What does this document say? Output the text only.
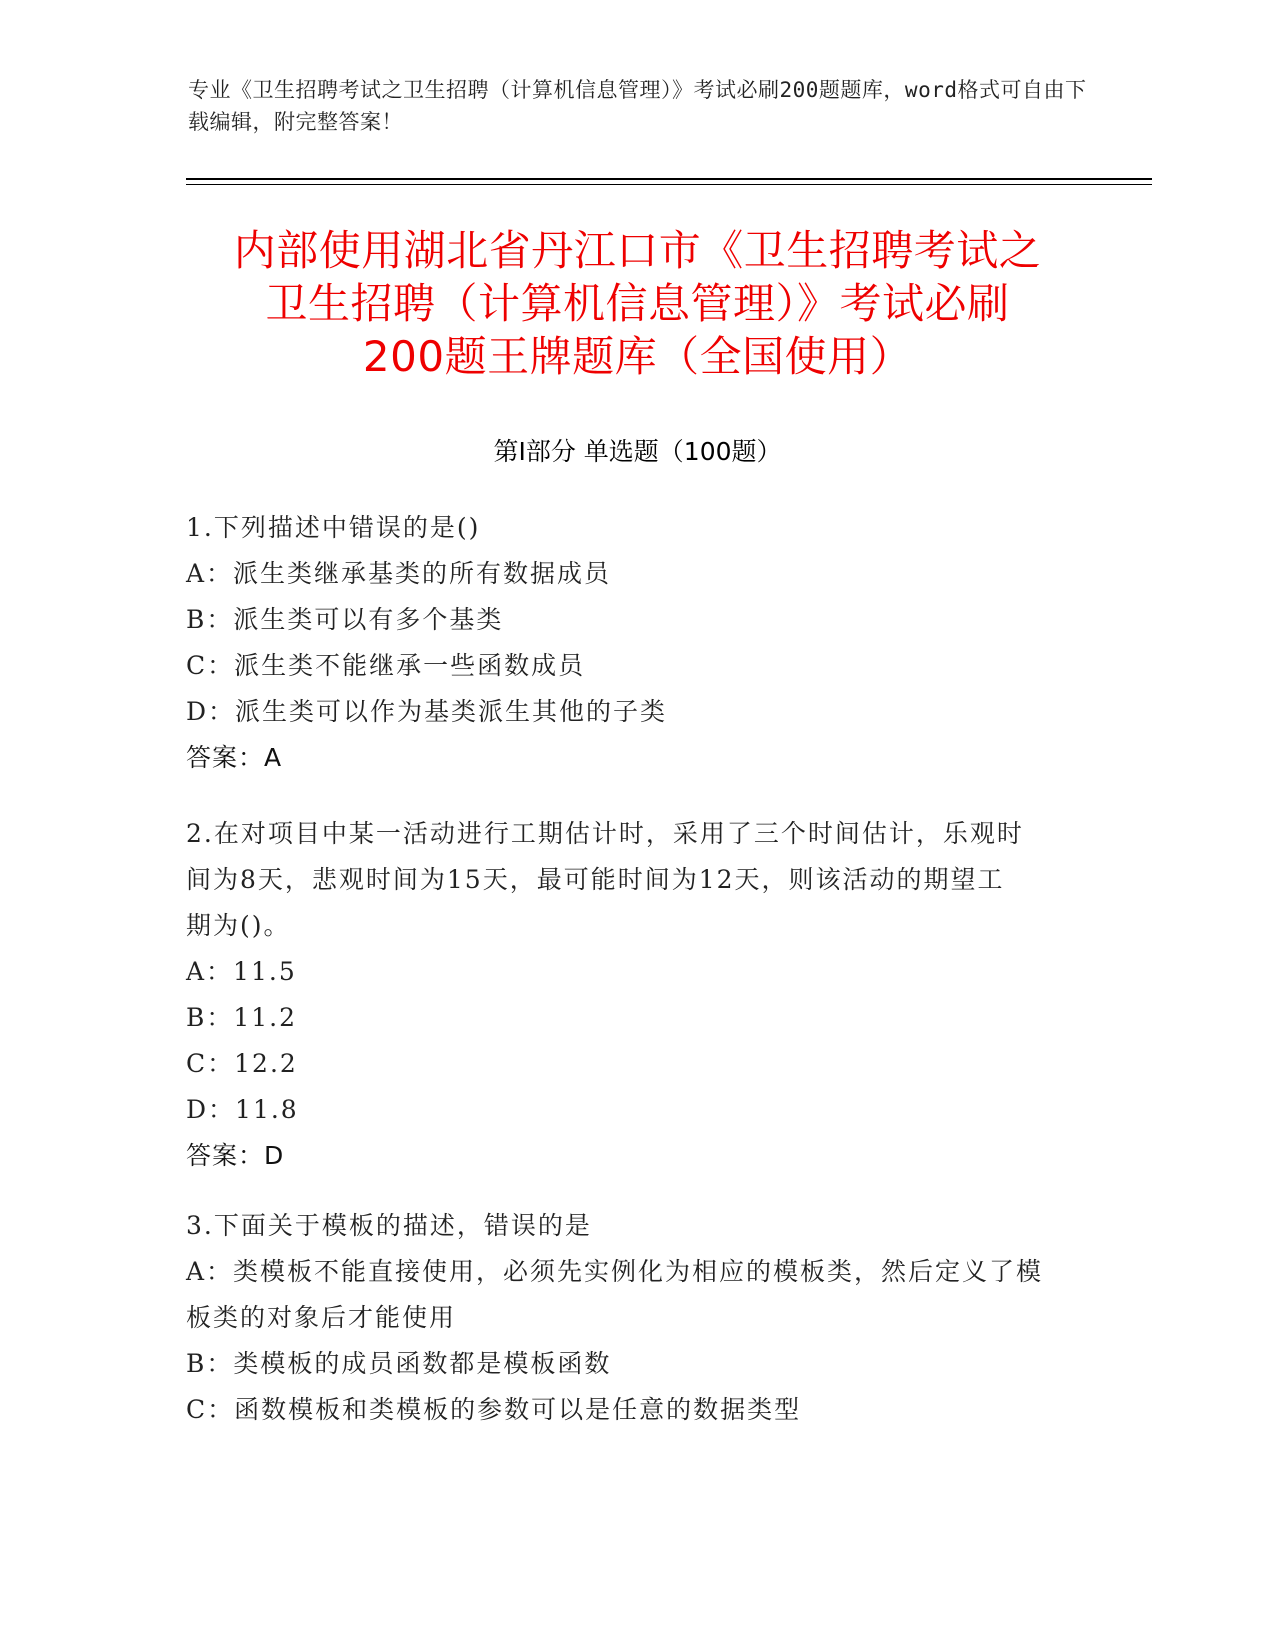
专业《卫生招聘考试之卫生招聘（计算机信息管理）》考试必刷200题题库，word格式可自由下载编辑，附完整答案！
内部使用湖北省丹江口市《卫生招聘考试之
卫生招聘（计算机信息管理）》考试必刷
200题王牌题库（全国使用）
第I部分 单选题（100题）
1.下列描述中错误的是()
A：派生类继承基类的所有数据成员
B：派生类可以有多个基类
C：派生类不能继承一些函数成员
D：派生类可以作为基类派生其他的子类
答案：A
2.在对项目中某一活动进行工期估计时，采用了三个时间估计，乐观时间为8天，悲观时间为15天，最可能时间为12天，则该活动的期望工期为()。
A：11.5
B：11.2
C：12.2
D：11.8
答案：D
3.下面关于模板的描述，错误的是
A：类模板不能直接使用，必须先实例化为相应的模板类，然后定义了模板类的对象后才能使用
B：类模板的成员函数都是模板函数
C：函数模板和类模板的参数可以是任意的数据类型
